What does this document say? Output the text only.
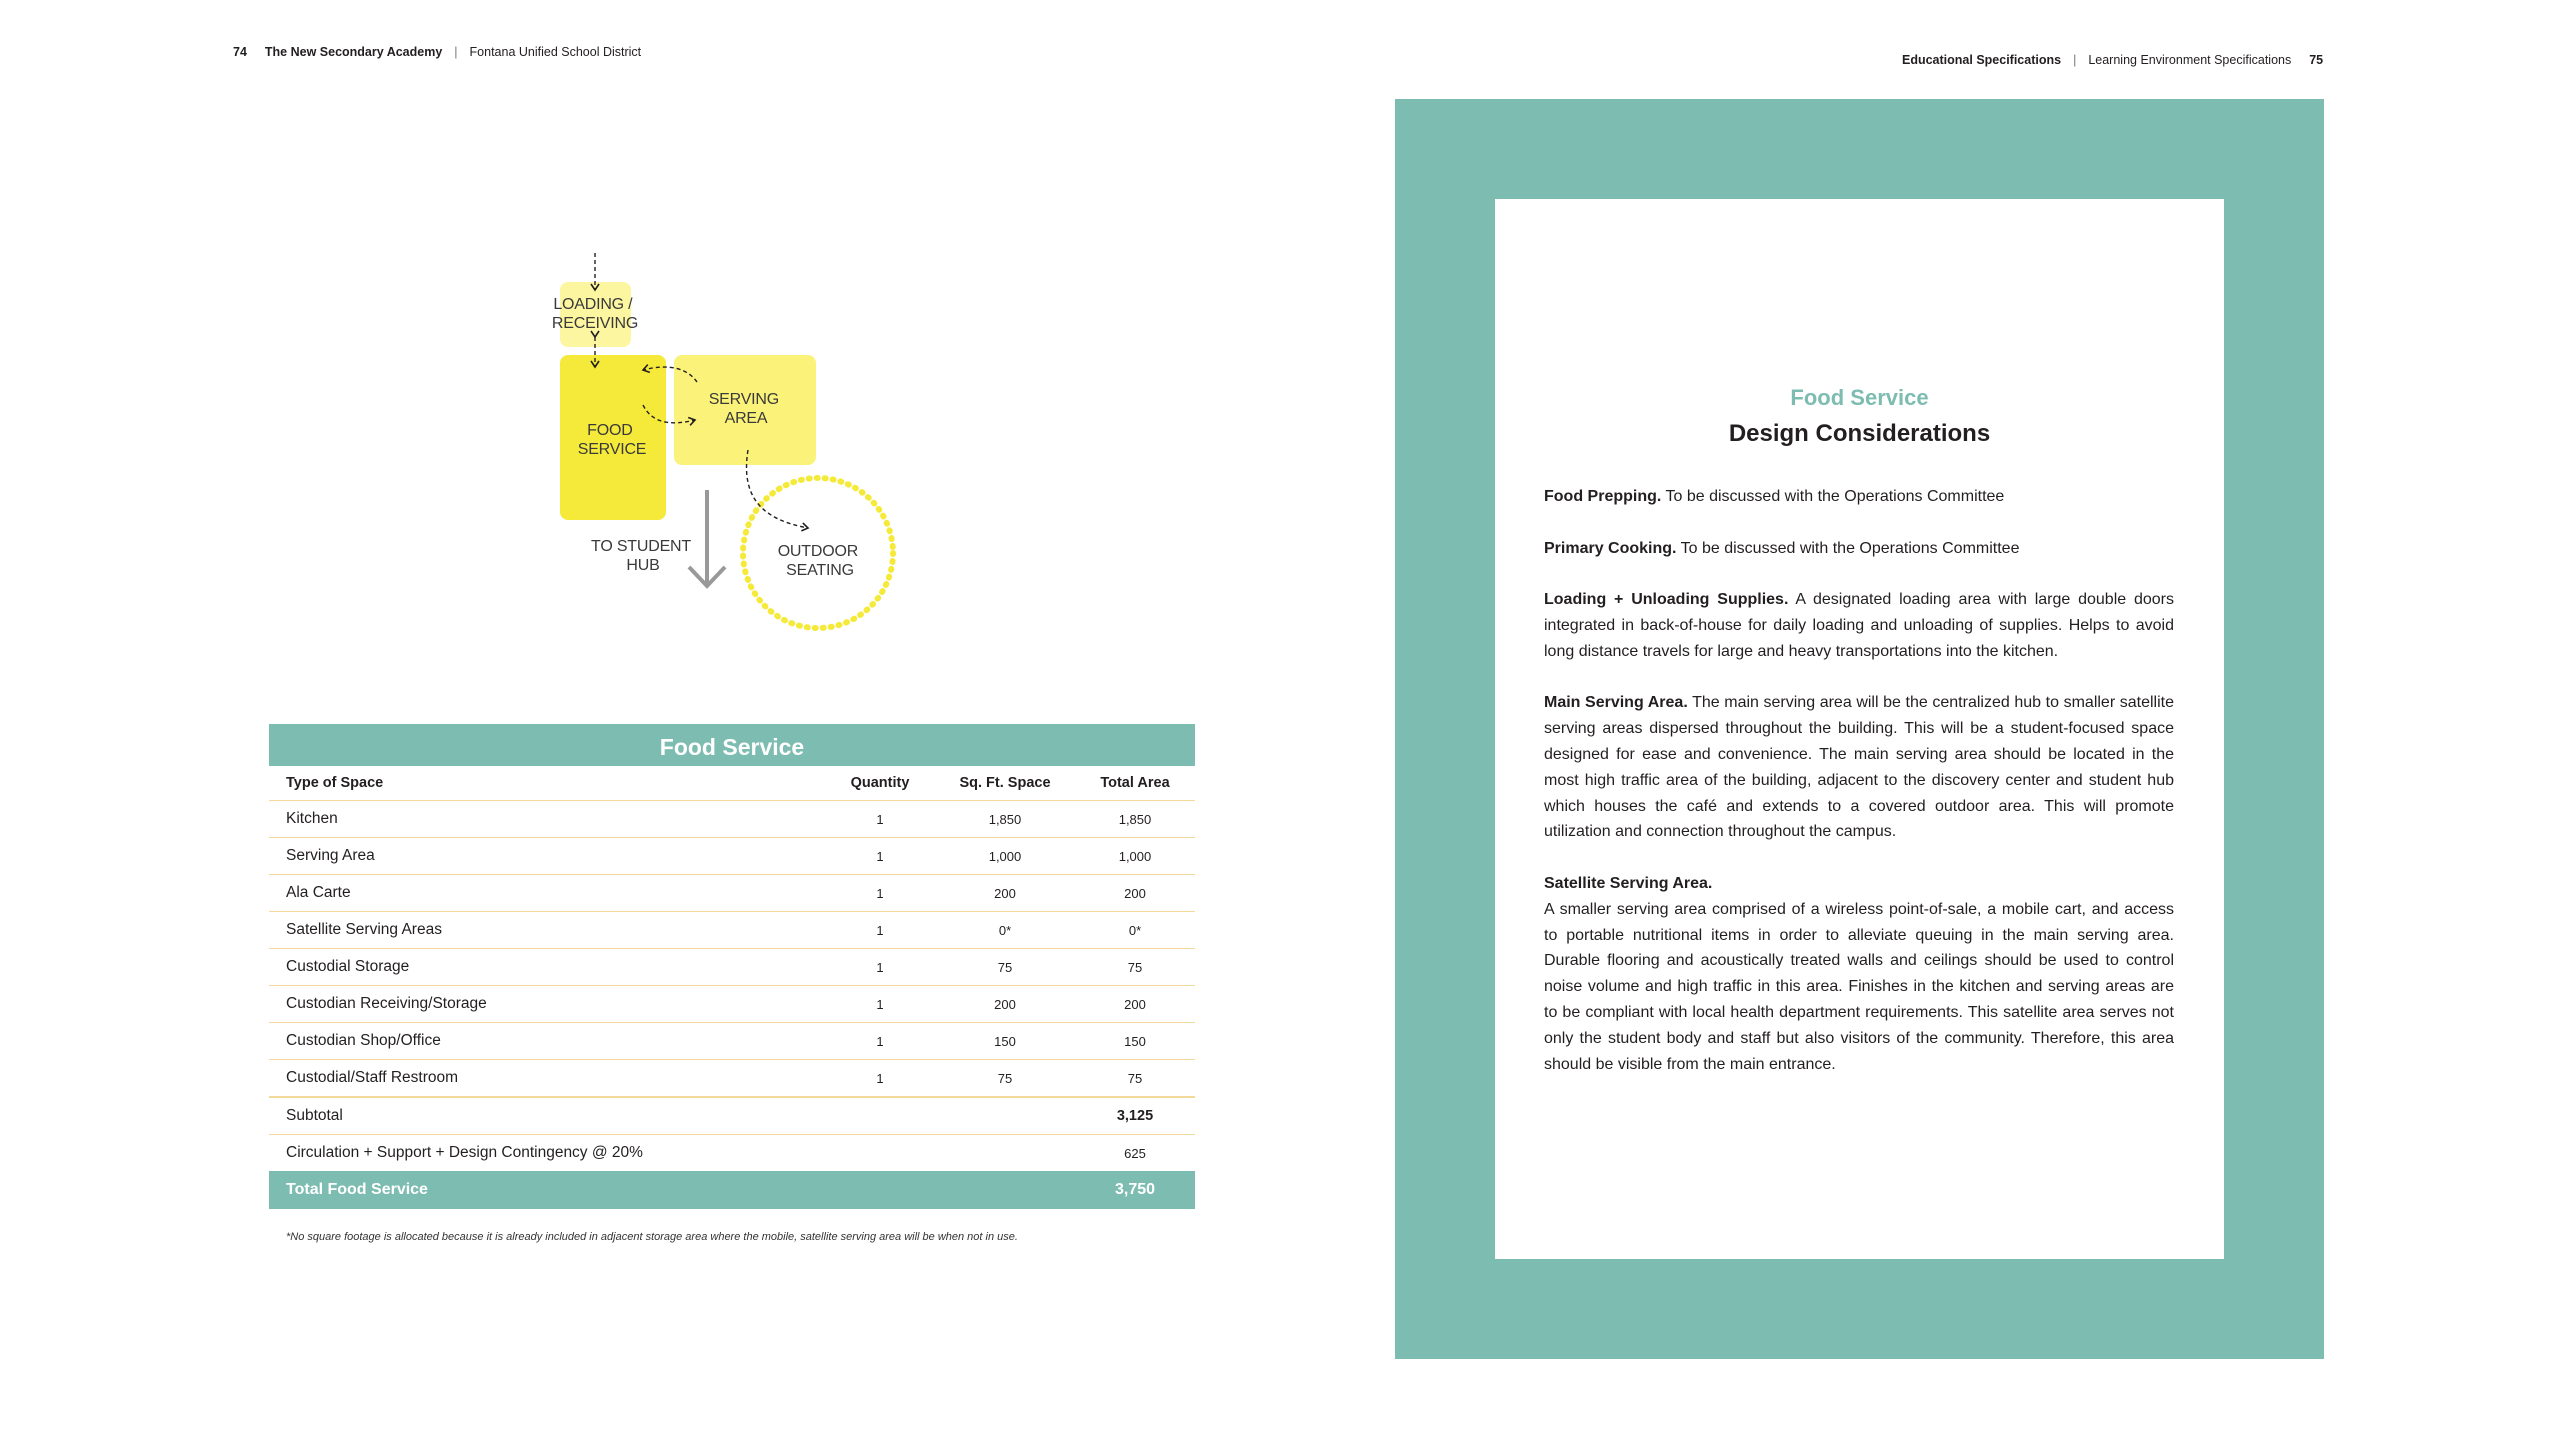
74 The New Secondary Academy | Fontana Unified School District
Educational Specifications | Learning Environment Specifications 75
LOADING / RECEIVING
FOOD SERVICE
SERVING AREA
TO STUDENT HUB
OUTDOOR SEATING
Food Service
Type of Space	Quantity	Sq. Ft. Space	Total Area
Kitchen	1	1,850	1,850
Serving Area	1	1,000	1,000
Ala Carte	1	200	200
Satellite Serving Areas	1	0*	0*
Custodial Storage	1	75	75
Custodian Receiving/Storage	1	200	200
Custodian Shop/Office	1	150	150
Custodial/Staff Restroom	1	75	75
Subtotal			3,125
Circulation + Support + Design Contingency @ 20%			625
Total Food Service			3,750
*No square footage is allocated because it is already included in adjacent storage area where the mobile, satellite serving area will be when not in use.
Food Service
Design Considerations

Food Prepping. To be discussed with the Operations Committee

Primary Cooking. To be discussed with the Operations Committee

Loading + Unloading Supplies. A designated loading area with large double doors integrated in back-of-house for daily loading and unloading of supplies. Helps to avoid long distance travels for large and heavy transportations into the kitchen.

Main Serving Area. The main serving area will be the centralized hub to smaller satellite serving areas dispersed throughout the building. This will be a student-focused space designed for ease and convenience. The main serving area should be located in the most high traffic area of the building, adjacent to the discovery center and student hub which houses the café and extends to a covered outdoor area. This will promote utilization and connection throughout the campus.

Satellite Serving Area.
A smaller serving area comprised of a wireless point-of-sale, a mobile cart, and access to portable nutritional items in order to alleviate queuing in the main serving area. Durable flooring and acoustically treated walls and ceilings should be used to control noise volume and high traffic in this area. Finishes in the kitchen and serving areas are to be compliant with local health department requirements. This satellite area serves not only the student body and staff but also visitors of the community. Therefore, this area should be visible from the main entrance.
